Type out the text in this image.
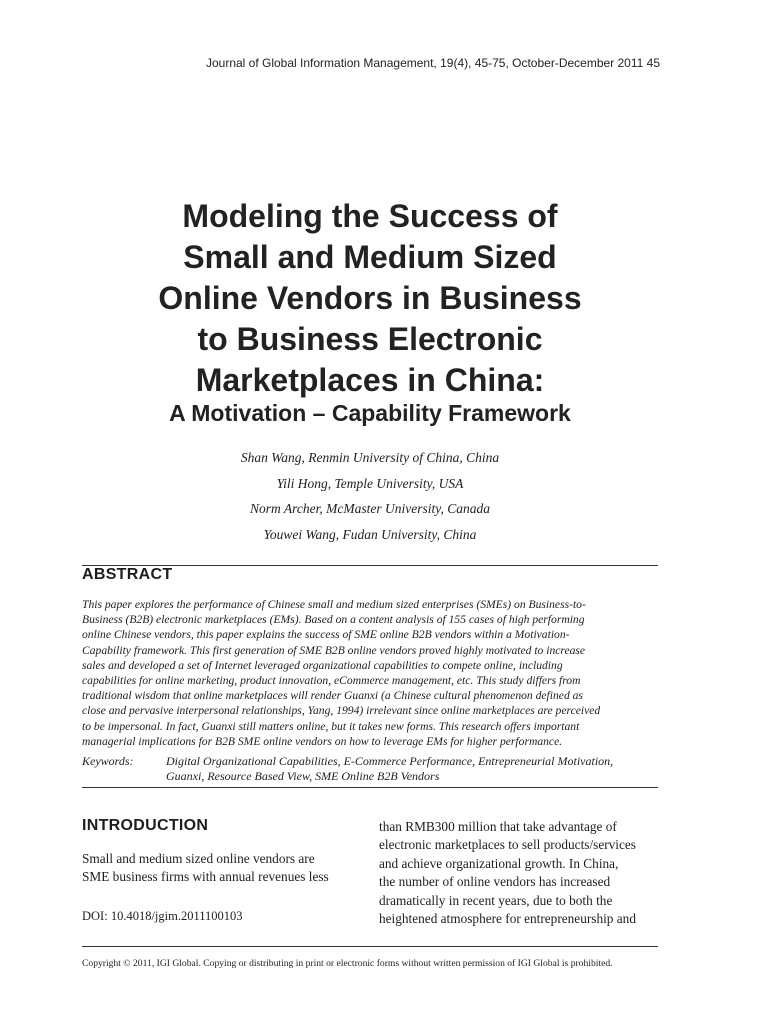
Journal of Global Information Management, 19(4), 45-75, October-December 2011 45
Modeling the Success of
Small and Medium Sized
Online Vendors in Business
to Business Electronic
Marketplaces in China:
A Motivation – Capability Framework
Shan Wang, Renmin University of China, China
Yili Hong, Temple University, USA
Norm Archer, McMaster University, Canada
Youwei Wang, Fudan University, China
ABSTRACT
This paper explores the performance of Chinese small and medium sized enterprises (SMEs) on Business-to-
Business (B2B) electronic marketplaces (EMs). Based on a content analysis of 155 cases of high performing
online Chinese vendors, this paper explains the success of SME online B2B vendors within a Motivation-
Capability framework. This first generation of SME B2B online vendors proved highly motivated to increase
sales and developed a set of Internet leveraged organizational capabilities to compete online, including
capabilities for online marketing, product innovation, eCommerce management, etc. This study differs from
traditional wisdom that online marketplaces will render Guanxi (a Chinese cultural phenomenon defined as
close and pervasive interpersonal relationships, Yang, 1994) irrelevant since online marketplaces are perceived
to be impersonal. In fact, Guanxi still matters online, but it takes new forms. This research offers important
managerial implications for B2B SME online vendors on how to leverage EMs for higher performance.
Keywords:	Digital Organizational Capabilities, E-Commerce Performance, Entrepreneurial Motivation,
Guanxi, Resource Based View, SME Online B2B Vendors
INTRODUCTION
Small and medium sized online vendors are
SME business firms with annual revenues less
DOI: 10.4018/jgim.2011100103
than RMB300 million that take advantage of
electronic marketplaces to sell products/services
and achieve organizational growth. In China,
the number of online vendors has increased
dramatically in recent years, due to both the
heightened atmosphere for entrepreneurship and
Copyright © 2011, IGI Global. Copying or distributing in print or electronic forms without written permission of IGI Global is prohibited.
